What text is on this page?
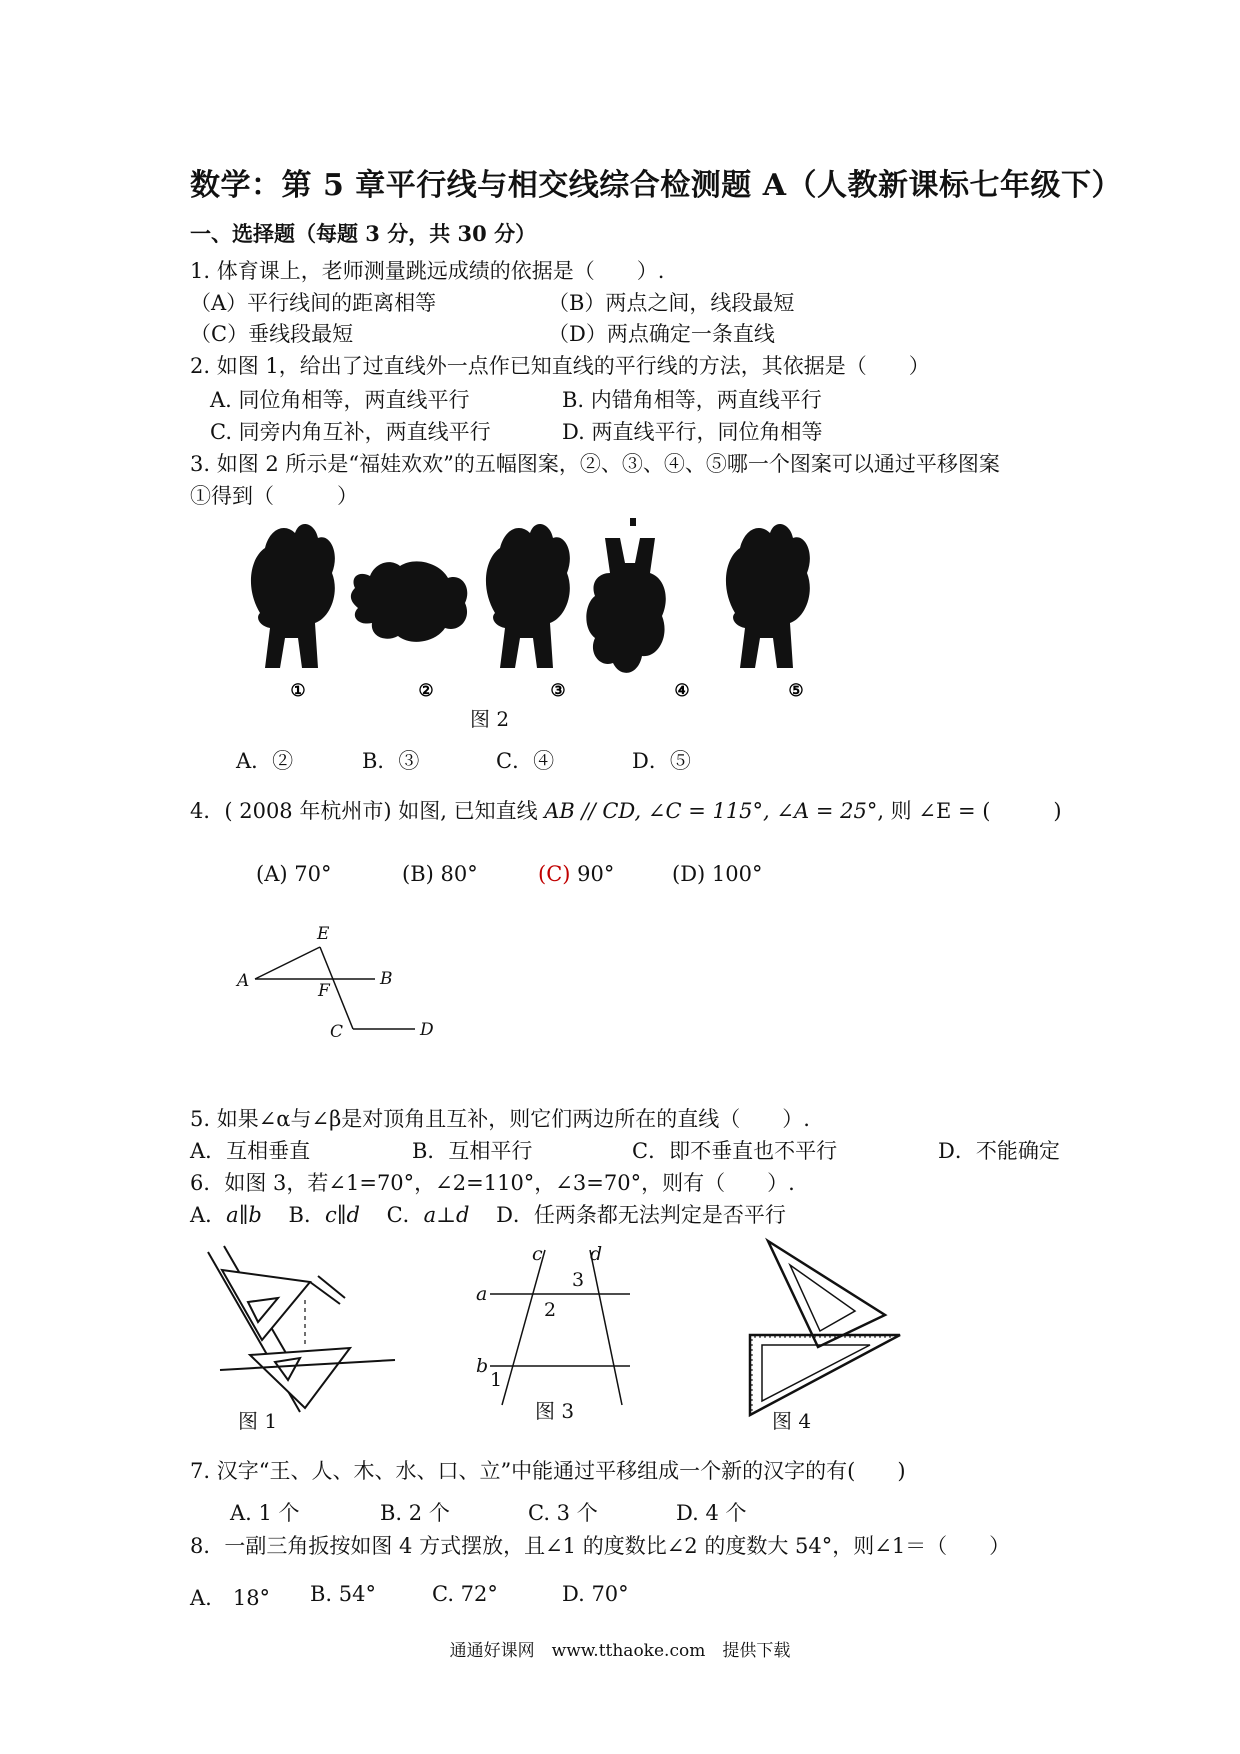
数学：第 5 章平行线与相交线综合检测题 A（人教新课标七年级下）
一、选择题（每题 3 分，共 30 分）
1. 体育课上，老师测量跳远成绩的依据是（　　）.
（A）平行线间的距离相等	（B）两点之间，线段最短
（C）垂线段最短	（D）两点确定一条直线
2. 如图 1，给出了过直线外一点作已知直线的平行线的方法，其依据是（　　）
A. 同位角相等，两直线平行	B. 内错角相等，两直线平行
C. 同旁内角互补，两直线平行	D. 两直线平行，同位角相等
3. 如图 2 所示是“福娃欢欢”的五幅图案，②、③、④、⑤哪一个图案可以通过平移图案
①得到（　　　）
①	②	③	④	⑤
图 2
A．②	B．③	C．④	D．⑤
4．( 2008 年杭州市) 如图, 已知直线 AB // CD, ∠C = 115°, ∠A = 25°, 则 ∠E = (　　　)
(A) 70°	(B) 80°	(C) 90°	(D) 100°
A	B
C	D
E
F
5. 如果∠α与∠β是对顶角且互补，则它们两边所在的直线（　　）.
A．互相垂直	B．互相平行	C．即不垂直也不平行	D．不能确定
6．如图 3，若∠1=70°，∠2=110°，∠3=70°，则有（　　）.
A．a∥b B．c∥d C．a⊥d D．任两条都无法判定是否平行
图 1
a
b
c d
1
2
3
图 3	图 4
7. 汉字“王、人、木、水、口、立”中能通过平移组成一个新的汉字的有(　　)
A. 1 个	B. 2 个	C. 3 个	D. 4 个
8．一副三角扳按如图 4 方式摆放，且∠1 的度数比∠2 的度数大 54°，则∠1＝（　　）
A.　18° B. 54°	C. 72°	D. 70°
通通好课网　www.tthaoke.com　提供下载
